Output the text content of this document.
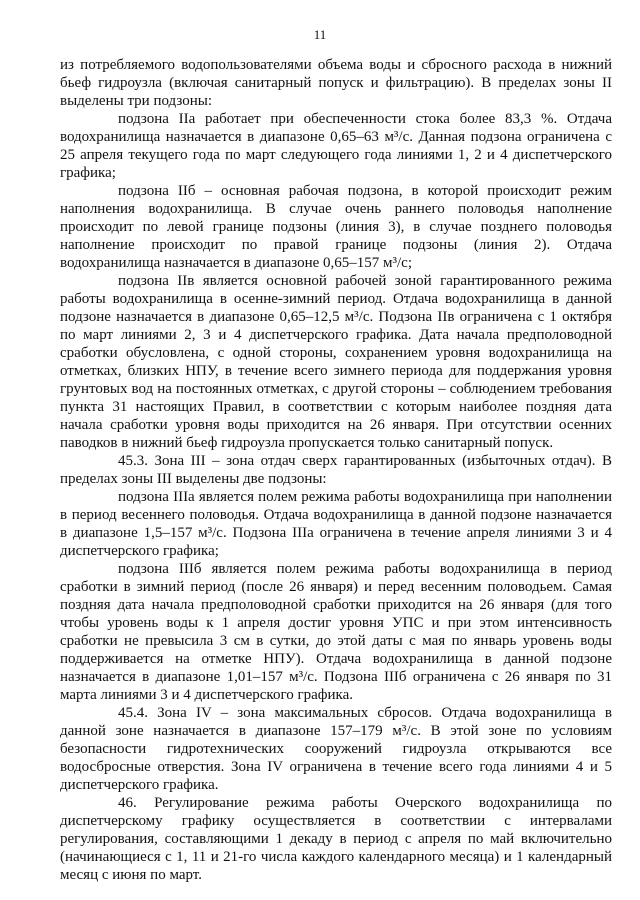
11

из потребляемого водопользователями объема воды и сбросного расхода в нижний бьеф гидроузла (включая санитарный попуск и фильтрацию). В пределах зоны II выделены три подзоны:

подзона IIа работает при обеспеченности стока более 83,3 %. Отдача водохранилища назначается в диапазоне 0,65–63 м³/с. Данная подзона ограничена с 25 апреля текущего года по март следующего года линиями 1, 2 и 4 диспетчерского графика;

подзона IIб – основная рабочая подзона, в которой происходит режим наполнения водохранилища. В случае очень раннего половодья наполнение происходит по левой границе подзоны (линия 3), в случае позднего половодья наполнение происходит по правой границе подзоны (линия 2). Отдача водохранилища назначается в диапазоне 0,65–157 м³/с;

подзона IIв является основной рабочей зоной гарантированного режима работы водохранилища в осенне-зимний период. Отдача водохранилища в данной подзоне назначается в диапазоне 0,65–12,5 м³/с. Подзона IIв ограничена с 1 октября по март линиями 2, 3 и 4 диспетчерского графика. Дата начала предполоводной сработки обусловлена, с одной стороны, сохранением уровня водохранилища на отметках, близких НПУ, в течение всего зимнего периода для поддержания уровня грунтовых вод на постоянных отметках, с другой стороны – соблюдением требования пункта 31 настоящих Правил, в соответствии с которым наиболее поздняя дата начала сработки уровня воды приходится на 26 января. При отсутствии осенних паводков в нижний бьеф гидроузла пропускается только санитарный попуск.

45.3. Зона III – зона отдач сверх гарантированных (избыточных отдач). В пределах зоны III выделены две подзоны:

подзона IIIа является полем режима работы водохранилища при наполнении в период весеннего половодья. Отдача водохранилища в данной подзоне назначается в диапазоне 1,5–157 м³/с. Подзона IIIа ограничена в течение апреля линиями 3 и 4 диспетчерского графика;

подзона IIIб является полем режима работы водохранилища в период сработки в зимний период (после 26 января) и перед весенним половодьем. Самая поздняя дата начала предполоводной сработки приходится на 26 января (для того чтобы уровень воды к 1 апреля достиг уровня УПС и при этом интенсивность сработки не превысила 3 см в сутки, до этой даты с мая по январь уровень воды поддерживается на отметке НПУ). Отдача водохранилища в данной подзоне назначается в диапазоне 1,01–157 м³/с. Подзона IIIб ограничена с 26 января по 31 марта линиями 3 и 4 диспетчерского графика.

45.4. Зона IV – зона максимальных сбросов. Отдача водохранилища в данной зоне назначается в диапазоне 157–179 м³/с. В этой зоне по условиям безопасности гидротехнических сооружений гидроузла открываются все водосбросные отверстия. Зона IV ограничена в течение всего года линиями 4 и 5 диспетчерского графика.

46. Регулирование режима работы Очерского водохранилища по диспетчерскому графику осуществляется в соответствии с интервалами регулирования, составляющими 1 декаду в период с апреля по май включительно (начинающиеся с 1, 11 и 21-го числа каждого календарного месяца) и 1 календарный месяц с июня по март.
